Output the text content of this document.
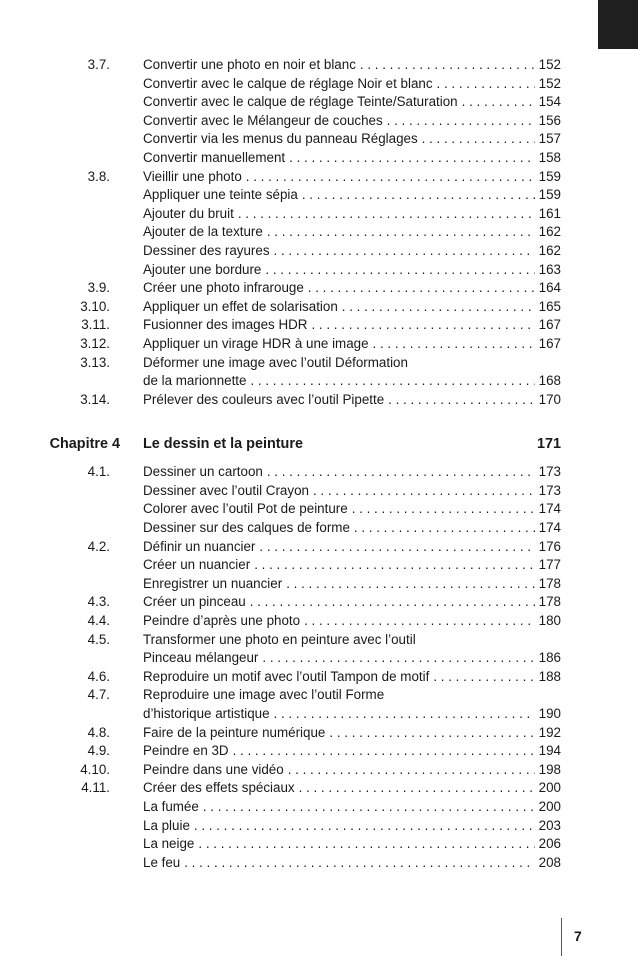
3.7. Convertir une photo en noir et blanc . . .	152
Convertir avec le calque de réglage Noir et blanc . . .	152
Convertir avec le calque de réglage Teinte/Saturation . . .	154
Convertir avec le Mélangeur de couches . . .	156
Convertir via les menus du panneau Réglages . . .	157
Convertir manuellement . . .	158
3.8. Vieillir une photo . . .	159
Appliquer une teinte sépia . . .	159
Ajouter du bruit . . .	161
Ajouter de la texture . . .	162
Dessiner des rayures . . .	162
Ajouter une bordure . . .	163
3.9. Créer une photo infrarouge . . .	164
3.10. Appliquer un effet de solarisation . . .	165
3.11. Fusionner des images HDR . . .	167
3.12. Appliquer un virage HDR à une image . . .	167
3.13. Déformer une image avec l’outil Déformation
de la marionnette . . .	168
3.14. Prélever des couleurs avec l’outil Pipette . . .	170
Chapitre 4 Le dessin et la peinture	171
4.1. Dessiner un cartoon . . .	173
Dessiner avec l’outil Crayon . . .	173
Colorer avec l’outil Pot de peinture . . .	174
Dessiner sur des calques de forme . . .	174
4.2. Définir un nuancier . . .	176
Créer un nuancier . . .	177
Enregistrer un nuancier . . .	178
4.3. Créer un pinceau . . .	178
4.4. Peindre d’après une photo . . .	180
4.5. Transformer une photo en peinture avec l’outil
Pinceau mélangeur . . .	186
4.6. Reproduire un motif avec l’outil Tampon de motif . . .	188
4.7. Reproduire une image avec l’outil Forme
d’historique artistique . . .	190
4.8. Faire de la peinture numérique . . .	192
4.9. Peindre en 3D . . .	194
4.10. Peindre dans une vidéo . . .	198
4.11. Créer des effets spéciaux . . .	200
La fumée . . .	200
La pluie . . .	203
La neige . . .	206
Le feu . . .	208
7
